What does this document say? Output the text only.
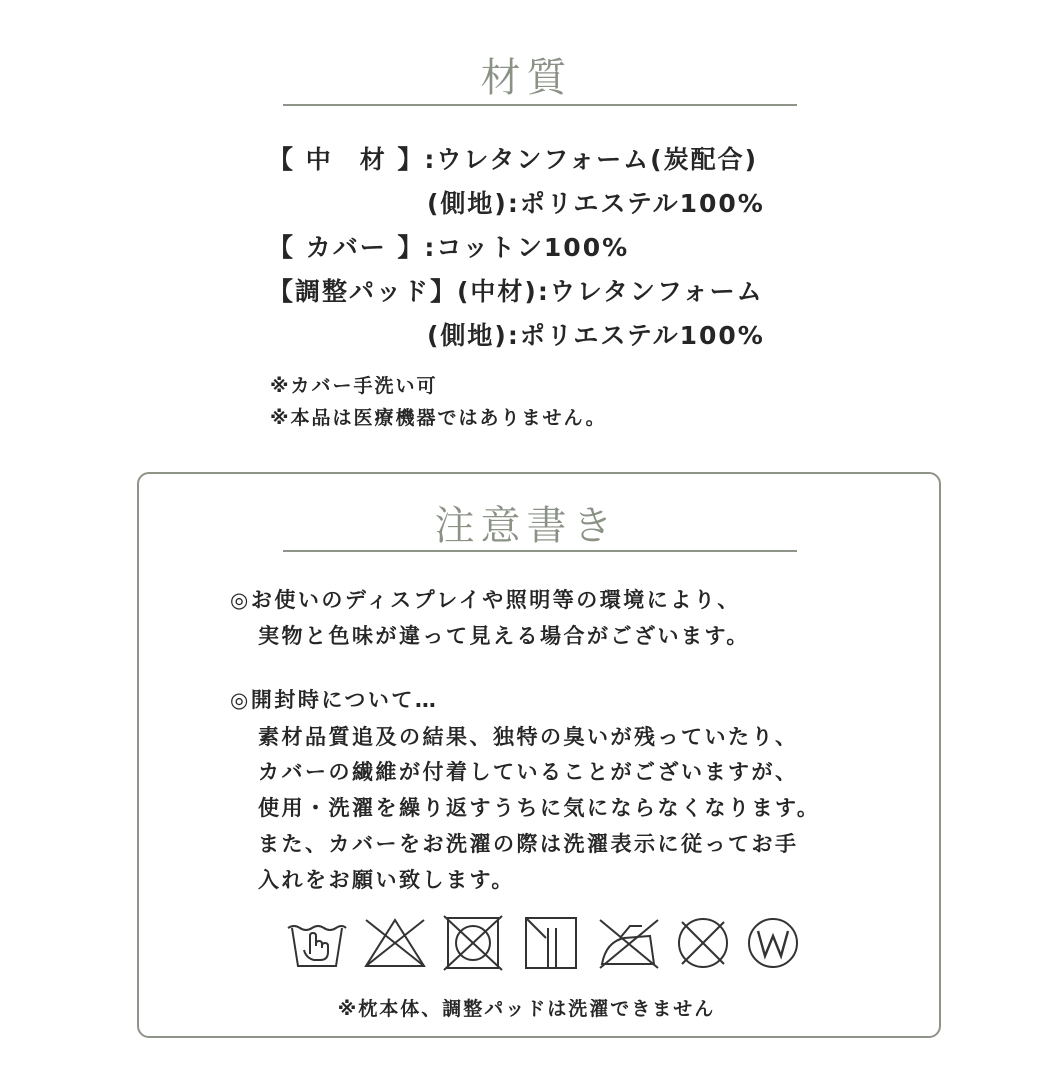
材質
【 中　材 】:ウレタンフォーム(炭配合)
(側地):ポリエステル100%
【 カバー 】:コットン100%
【調整パッド】(中材):ウレタンフォーム
(側地):ポリエステル100%
※カバー手洗い可
※本品は医療機器ではありません。
注意書き
◎お使いのディスプレイや照明等の環境により、
実物と色味が違って見える場合がございます。
◎開封時について…
素材品質追及の結果、独特の臭いが残っていたり、
カバーの繊維が付着していることがございますが、
使用・洗濯を繰り返すうちに気にならなくなります。
また、カバーをお洗濯の際は洗濯表示に従ってお手
入れをお願い致します。
※枕本体、調整パッドは洗濯できません
